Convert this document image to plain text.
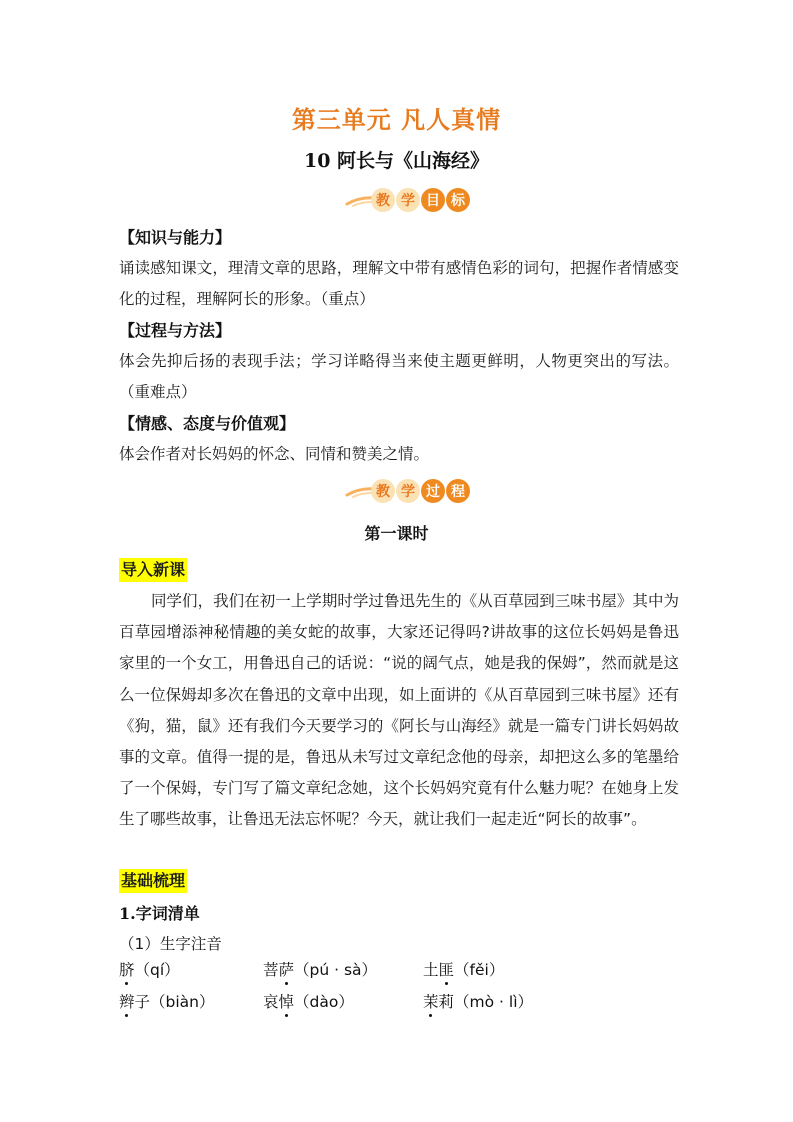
第三单元 凡人真情
10 阿长与《山海经》
教 学 目 标
【知识与能力】
诵读感知课文，理清文章的思路，理解文中带有感情色彩的词句，把握作者情感变化的过程，理解阿长的形象。（重点）
【过程与方法】
体会先抑后扬的表现手法；学习详略得当来使主题更鲜明，人物更突出的写法。（重难点）
【情感、态度与价值观】
体会作者对长妈妈的怀念、同情和赞美之情。
教 学 过 程
第一课时
导入新课
同学们，我们在初一上学期时学过鲁迅先生的《从百草园到三味书屋》其中为百草园增添神秘情趣的美女蛇的故事，大家还记得吗?讲故事的这位长妈妈是鲁迅家里的一个女工，用鲁迅自己的话说：“说的阔气点，她是我的保姆”，然而就是这么一位保姆却多次在鲁迅的文章中出现，如上面讲的《从百草园到三味书屋》还有《狗，猫，鼠》还有我们今天要学习的《阿长与山海经》就是一篇专门讲长妈妈故事的文章。值得一提的是，鲁迅从未写过文章纪念他的母亲，却把这么多的笔墨给了一个保姆，专门写了篇文章纪念她，这个长妈妈究竟有什么魅力呢？在她身上发生了哪些故事，让鲁迅无法忘怀呢？今天，就让我们一起走近“阿长的故事”。
基础梳理
1.字词清单
（1）生字注音
脐（qí）	菩萨（pú · sà）	土匪（fěi）
辫子（biàn）	哀悼（dào）	茉莉（mò · lì）
